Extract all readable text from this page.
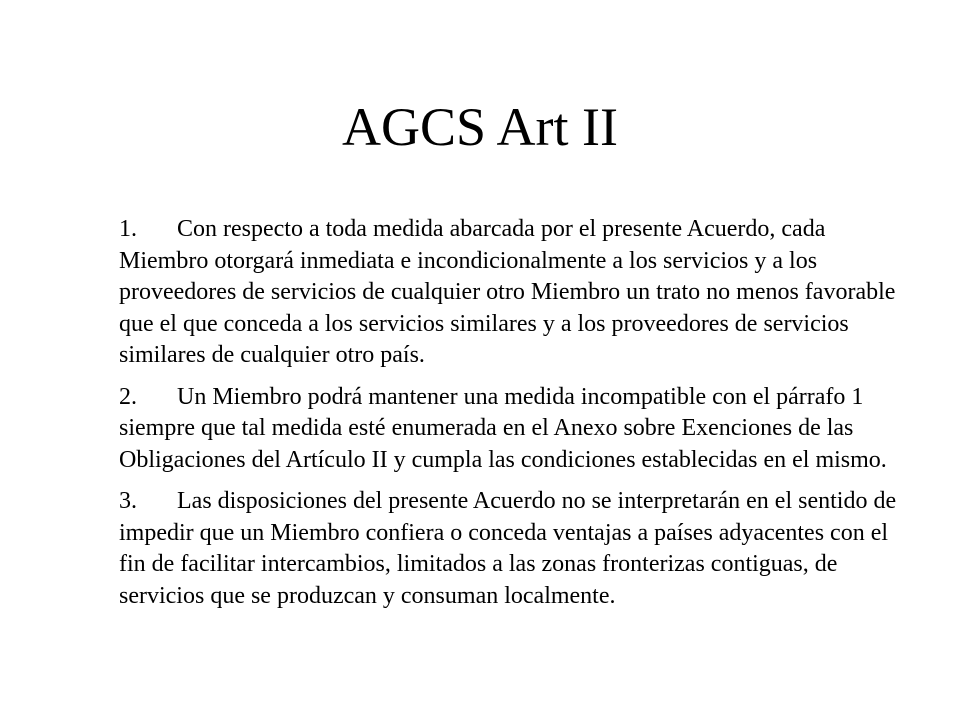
AGCS Art II

1. Con respecto a toda medida abarcada por el presente Acuerdo, cada Miembro otorgará inmediata e incondicionalmente a los servicios y a los proveedores de servicios de cualquier otro Miembro un trato no menos favorable que el que conceda a los servicios similares y a los proveedores de servicios similares de cualquier otro país.

2. Un Miembro podrá mantener una medida incompatible con el párrafo 1 siempre que tal medida esté enumerada en el Anexo sobre Exenciones de las Obligaciones del Artículo II y cumpla las condiciones establecidas en el mismo.

3. Las disposiciones del presente Acuerdo no se interpretarán en el sentido de impedir que un Miembro confiera o conceda ventajas a países adyacentes con el fin de facilitar intercambios, limitados a las zonas fronterizas contiguas, de servicios que se produzcan y consuman localmente.
